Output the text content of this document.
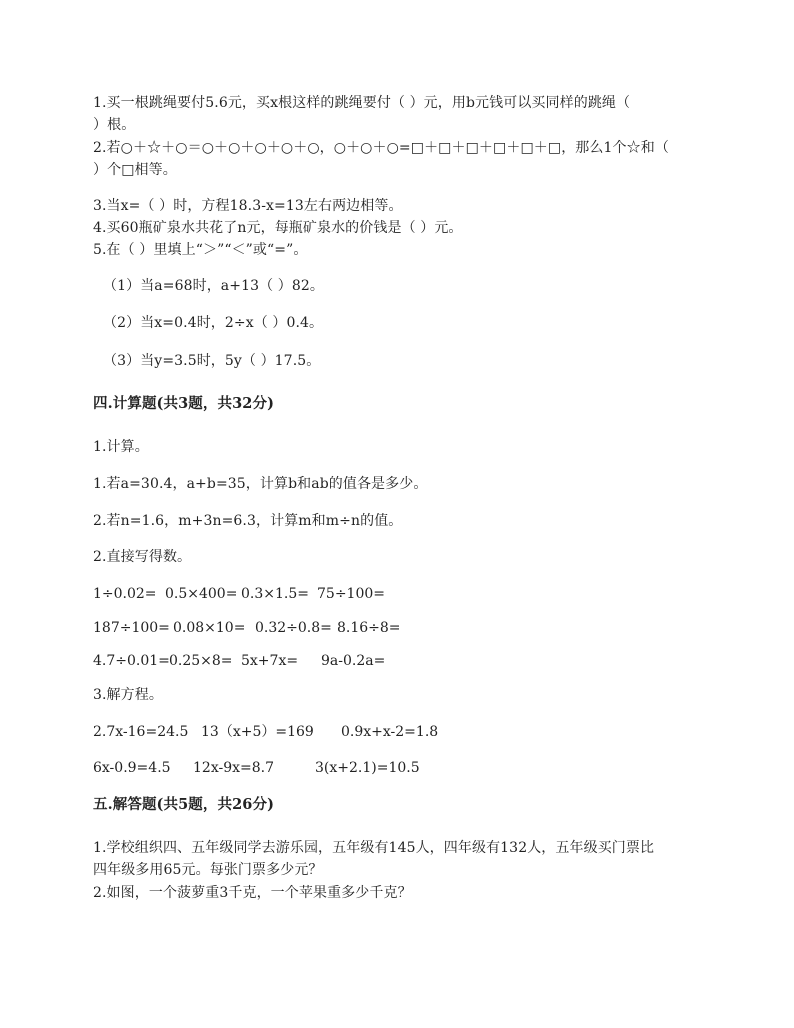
1.买一根跳绳要付5.6元，买x根这样的跳绳要付（ ）元，用b元钱可以买同样的跳绳（
）根。
2.若○＋☆＋○＝○＋○＋○＋○＋○，○＋○＋○=□＋□＋□＋□＋□＋□，那么1个☆和（
）个□相等。
3.当x=（ ）时，方程18.3-x=13左右两边相等。
4.买60瓶矿泉水共花了n元，每瓶矿泉水的价钱是（ ）元。
5.在（ ）里填上“＞”“＜”或“=”。
（1）当a=68时，a+13（ ）82。
（2）当x=0.4时，2÷x（ ）0.4。
（3）当y=3.5时，5y（ ）17.5。
四.计算题(共3题，共32分)
1.计算。
1.若a=30.4，a+b=35，计算b和ab的值各是多少。
2.若n=1.6，m+3n=6.3，计算m和m÷n的值。
2.直接写得数。
1÷0.02= 0.5×400= 0.3×1.5= 75÷100=
187÷100= 0.08×10= 0.32÷0.8= 8.16÷8=
4.7÷0.01=0.25×8= 5x+7x= 9a-0.2a=
3.解方程。
2.7x-16=24.5 13（x+5）=169 0.9x+x-2=1.8
6x-0.9=4.5 12x-9x=8.7	3(x+2.1)=10.5
五.解答题(共5题，共26分)
1.学校组织四、五年级同学去游乐园，五年级有145人，四年级有132人，五年级买门票比
四年级多用65元。每张门票多少元？
2.如图，一个菠萝重3千克，一个苹果重多少千克？
